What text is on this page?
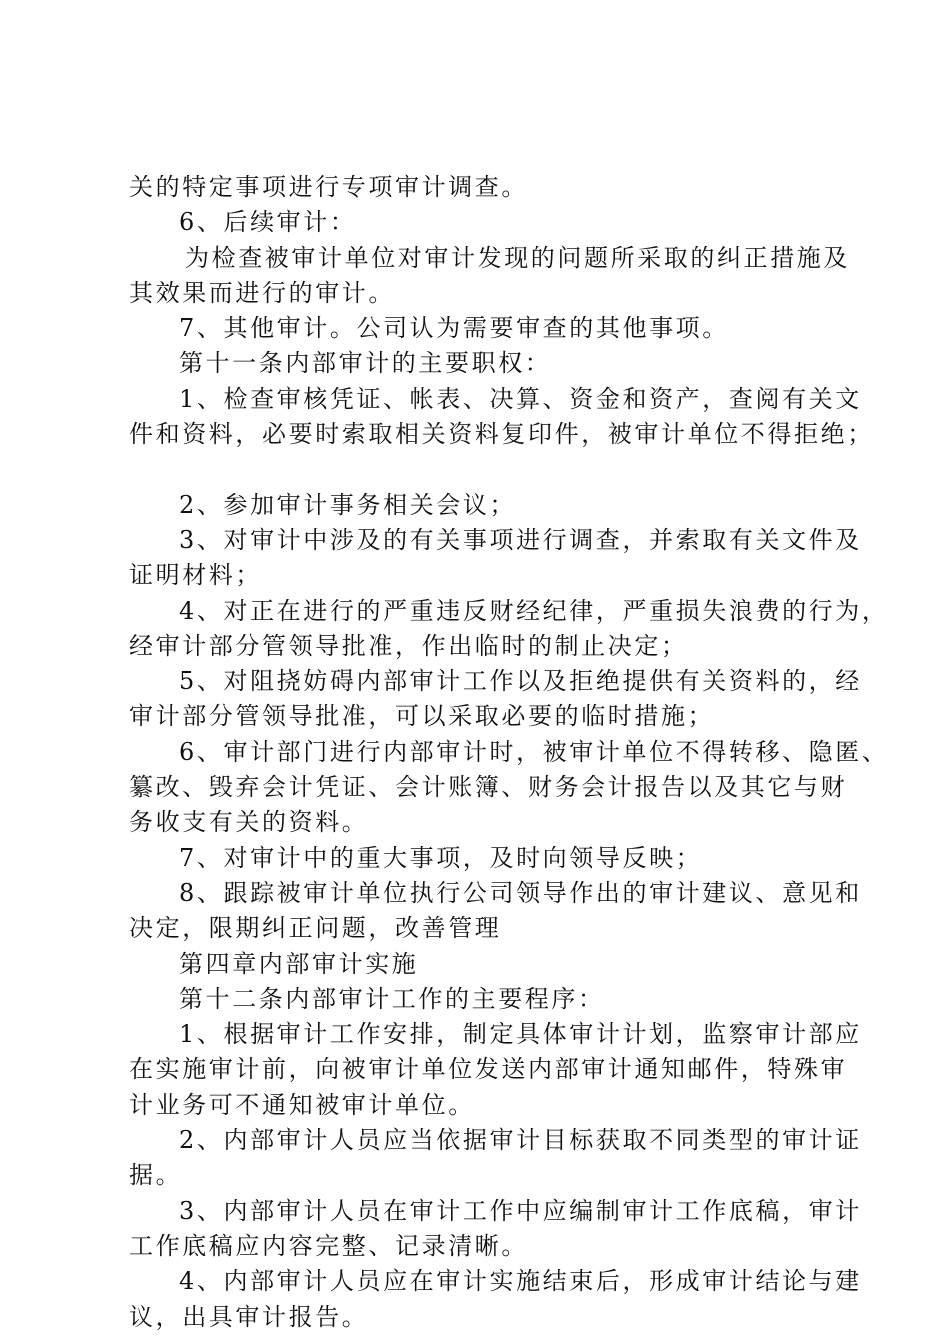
关的特定事项进行专项审计调查。
6、后续审计：
为检查被审计单位对审计发现的问题所采取的纠正措施及
其效果而进行的审计。
7、其他审计。公司认为需要审查的其他事项。
第十一条内部审计的主要职权：
1、检查审核凭证、帐表、决算、资金和资产，查阅有关文
件和资料，必要时索取相关资料复印件，被审计单位不得拒绝；
2、参加审计事务相关会议；
3、对审计中涉及的有关事项进行调查，并索取有关文件及
证明材料；
4、对正在进行的严重违反财经纪律，严重损失浪费的行为，
经审计部分管领导批准，作出临时的制止决定；
5、对阻挠妨碍内部审计工作以及拒绝提供有关资料的，经
审计部分管领导批准，可以采取必要的临时措施；
6、审计部门进行内部审计时，被审计单位不得转移、隐匿、
纂改、毁弃会计凭证、会计账簿、财务会计报告以及其它与财
务收支有关的资料。
7、对审计中的重大事项，及时向领导反映；
8、跟踪被审计单位执行公司领导作出的审计建议、意见和
决定，限期纠正问题，改善管理
第四章内部审计实施
第十二条内部审计工作的主要程序：
1、根据审计工作安排，制定具体审计计划，监察审计部应
在实施审计前，向被审计单位发送内部审计通知邮件，特殊审
计业务可不通知被审计单位。
2、内部审计人员应当依据审计目标获取不同类型的审计证
据。
3、内部审计人员在审计工作中应编制审计工作底稿，审计
工作底稿应内容完整、记录清晰。
4、内部审计人员应在审计实施结束后，形成审计结论与建
议，出具审计报告。
